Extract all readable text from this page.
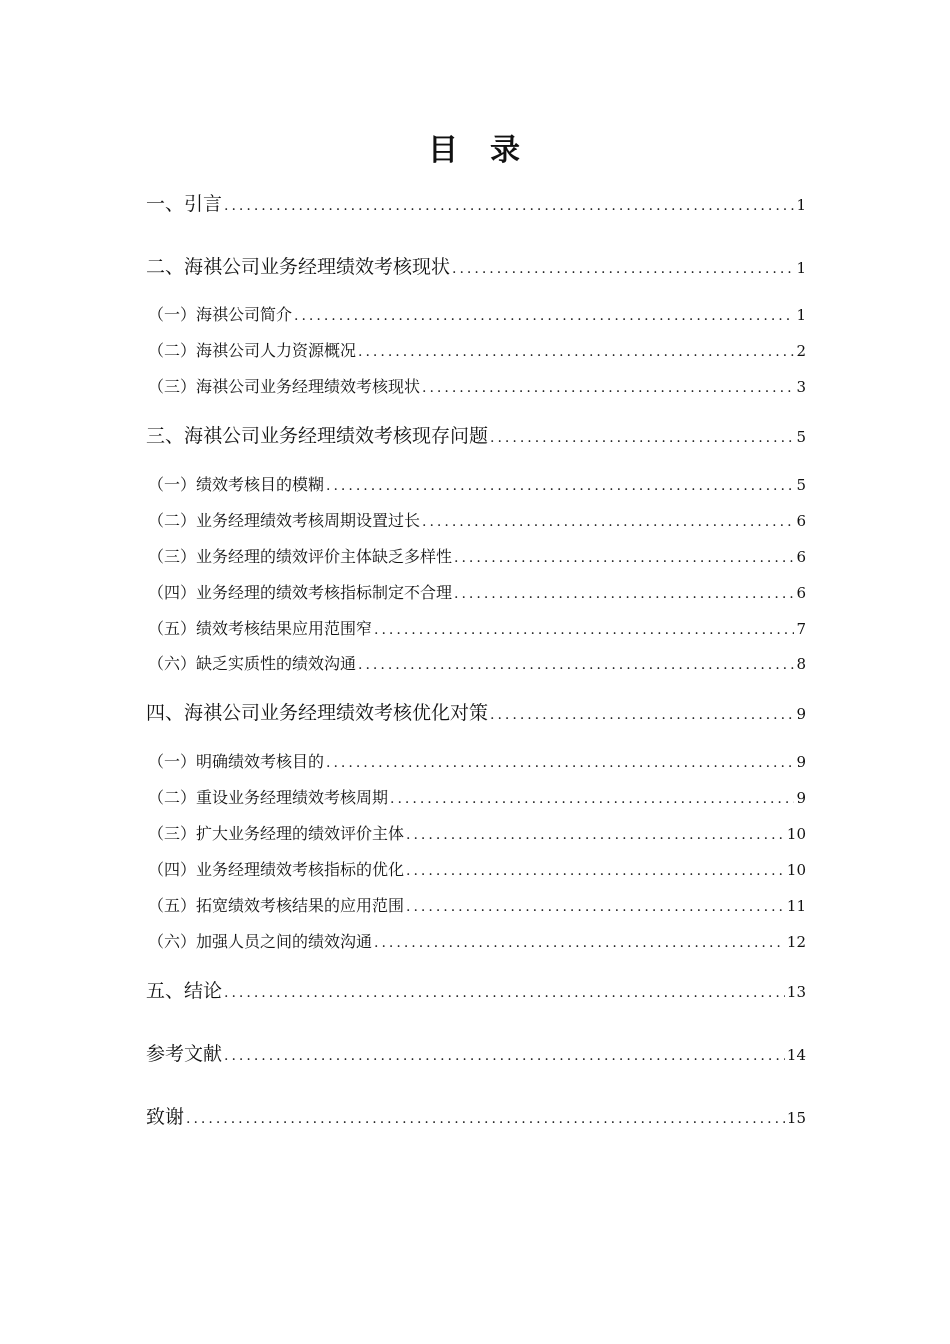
目 录
一、引言 .....	1
二、海祺公司业务经理绩效考核现状 .....	1
（一）海祺公司简介 .....	1
（二）海祺公司人力资源概况 .....	2
（三）海祺公司业务经理绩效考核现状 .....	3
三、海祺公司业务经理绩效考核现存问题 .....	5
（一）绩效考核目的模糊 .....	5
（二）业务经理绩效考核周期设置过长 .....	6
（三）业务经理的绩效评价主体缺乏多样性 .....	6
（四）业务经理的绩效考核指标制定不合理 .....	6
（五）绩效考核结果应用范围窄 .....	7
（六）缺乏实质性的绩效沟通 .....	8
四、海祺公司业务经理绩效考核优化对策 .....	9
（一）明确绩效考核目的 .....	9
（二）重设业务经理绩效考核周期 .....	9
（三）扩大业务经理的绩效评价主体 .....	10
（四）业务经理绩效考核指标的优化 .....	10
（五）拓宽绩效考核结果的应用范围 .....	11
（六）加强人员之间的绩效沟通 .....	12
五、结论 .....	13
参考文献 .....	14
致谢 .....	15
